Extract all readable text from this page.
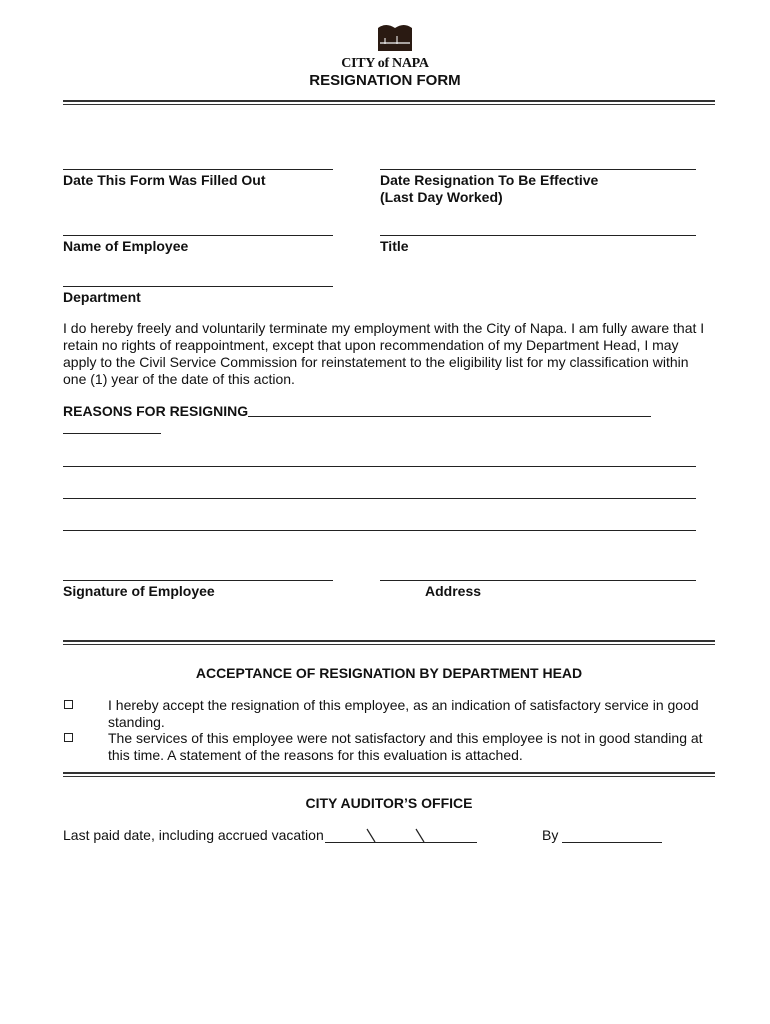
CITY of NAPA
RESIGNATION FORM
Date This Form Was Filled Out	Date Resignation To Be Effective
(Last Day Worked)
Name of Employee	Title
Department
I do hereby freely and voluntarily terminate my employment with the City of Napa. I am fully aware that I retain no rights of reappointment, except that upon recommendation of my Department Head, I may apply to the Civil Service Commission for reinstatement to the eligibility list for my classification within one (1) year of the date of this action.
REASONS FOR RESIGNING
Signature of Employee	Address
ACCEPTANCE OF RESIGNATION BY DEPARTMENT HEAD
I hereby accept the resignation of this employee, as an indication of satisfactory service in good standing.
The services of this employee were not satisfactory and this employee is not in good standing at this time. A statement of the reasons for this evaluation is attached.
CITY AUDITOR’S OFFICE
Last paid date, including accrued vacation	By
